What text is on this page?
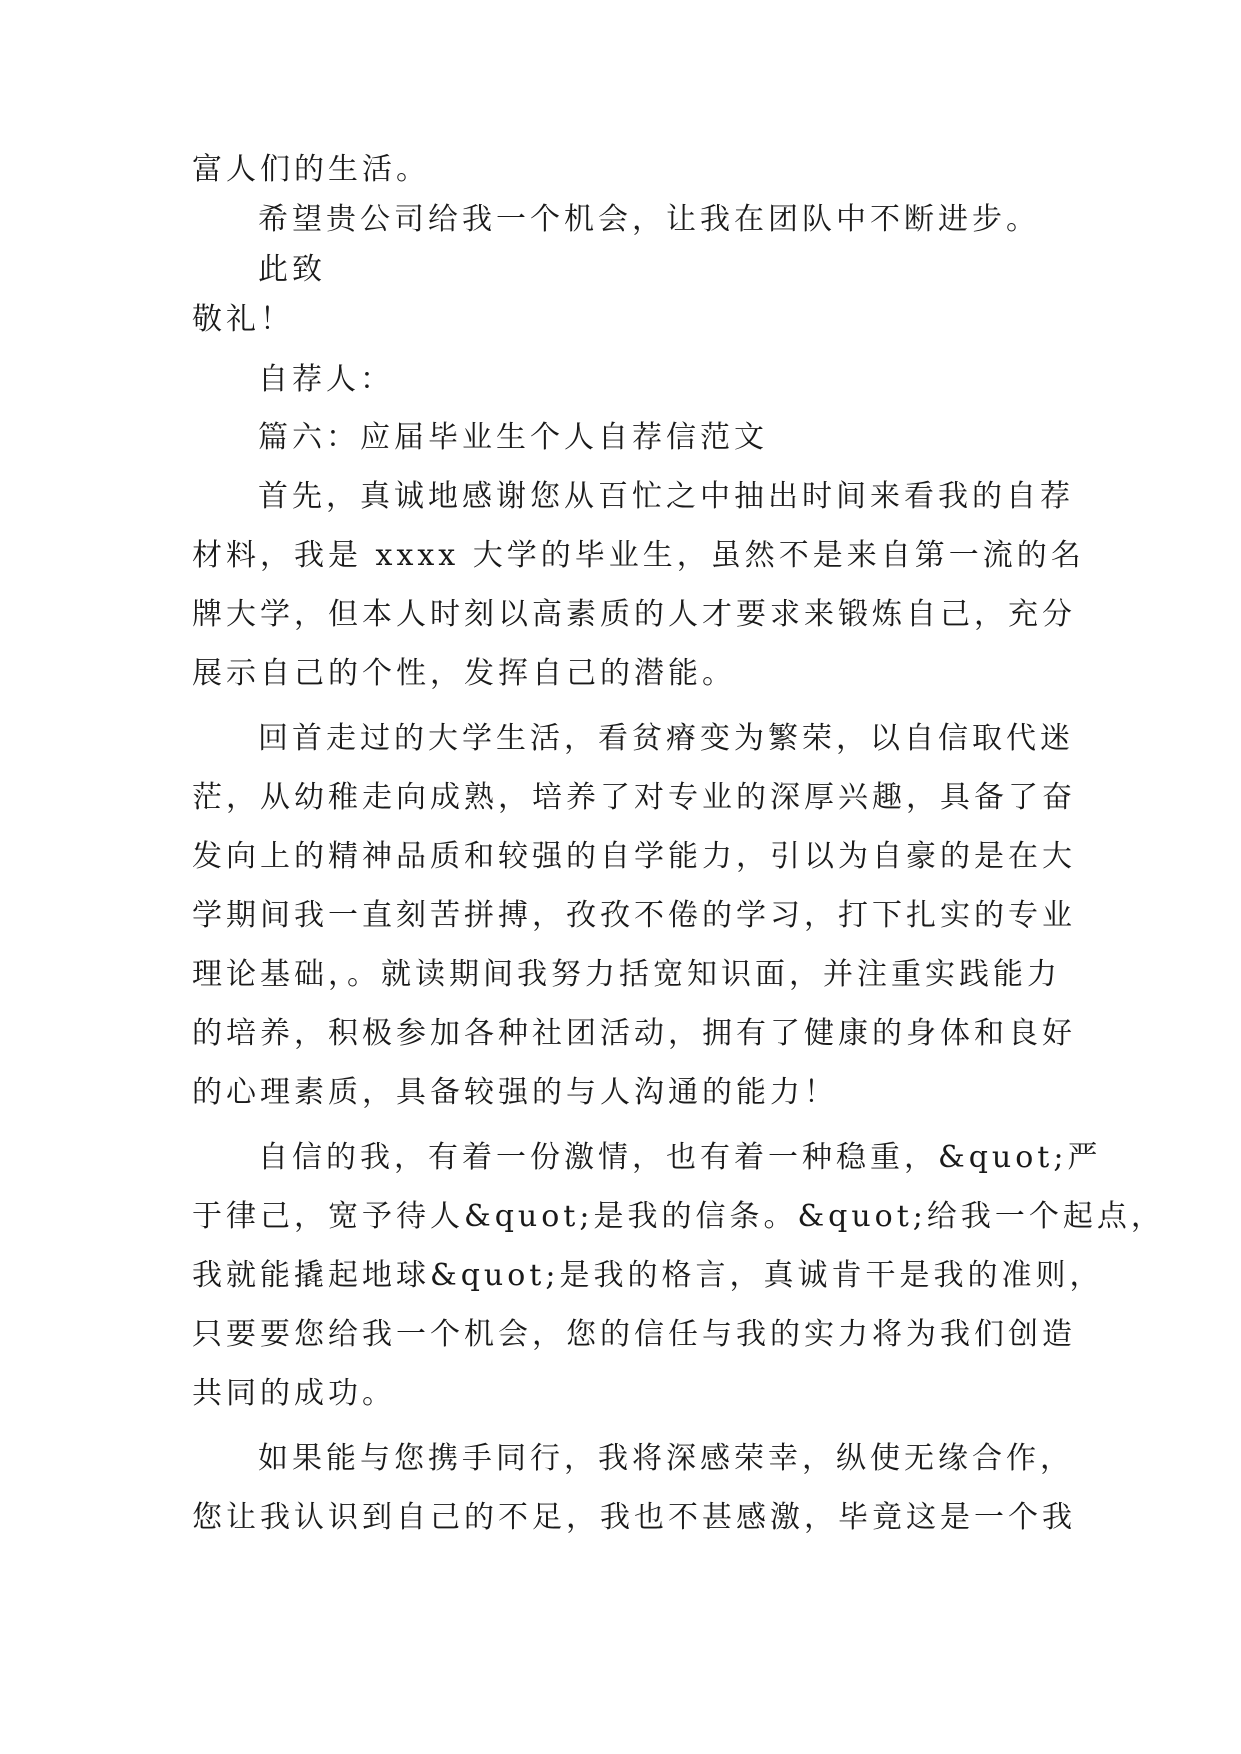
富人们的生活。
希望贵公司给我一个机会，让我在团队中不断进步。
此致
敬礼！
自荐人：
篇六：应届毕业生个人自荐信范文
首先，真诚地感谢您从百忙之中抽出时间来看我的自荐
材料，我是 xxxx 大学的毕业生，虽然不是来自第一流的名
牌大学，但本人时刻以高素质的人才要求来锻炼自己，充分
展示自己的个性，发挥自己的潜能。
回首走过的大学生活，看贫瘠变为繁荣，以自信取代迷
茫，从幼稚走向成熟，培养了对专业的深厚兴趣，具备了奋
发向上的精神品质和较强的自学能力，引以为自豪的是在大
学期间我一直刻苦拼搏，孜孜不倦的学习，打下扎实的专业
理论基础，。就读期间我努力括宽知识面，并注重实践能力
的培养，积极参加各种社团活动，拥有了健康的身体和良好
的心理素质，具备较强的与人沟通的能力！
自信的我，有着一份激情，也有着一种稳重，&quot;严
于律己，宽予待人&quot;是我的信条。&quot;给我一个起点，
我就能撬起地球&quot;是我的格言，真诚肯干是我的准则，
只要要您给我一个机会，您的信任与我的实力将为我们创造
共同的成功。
如果能与您携手同行，我将深感荣幸，纵使无缘合作，
您让我认识到自己的不足，我也不甚感激，毕竟这是一个我
